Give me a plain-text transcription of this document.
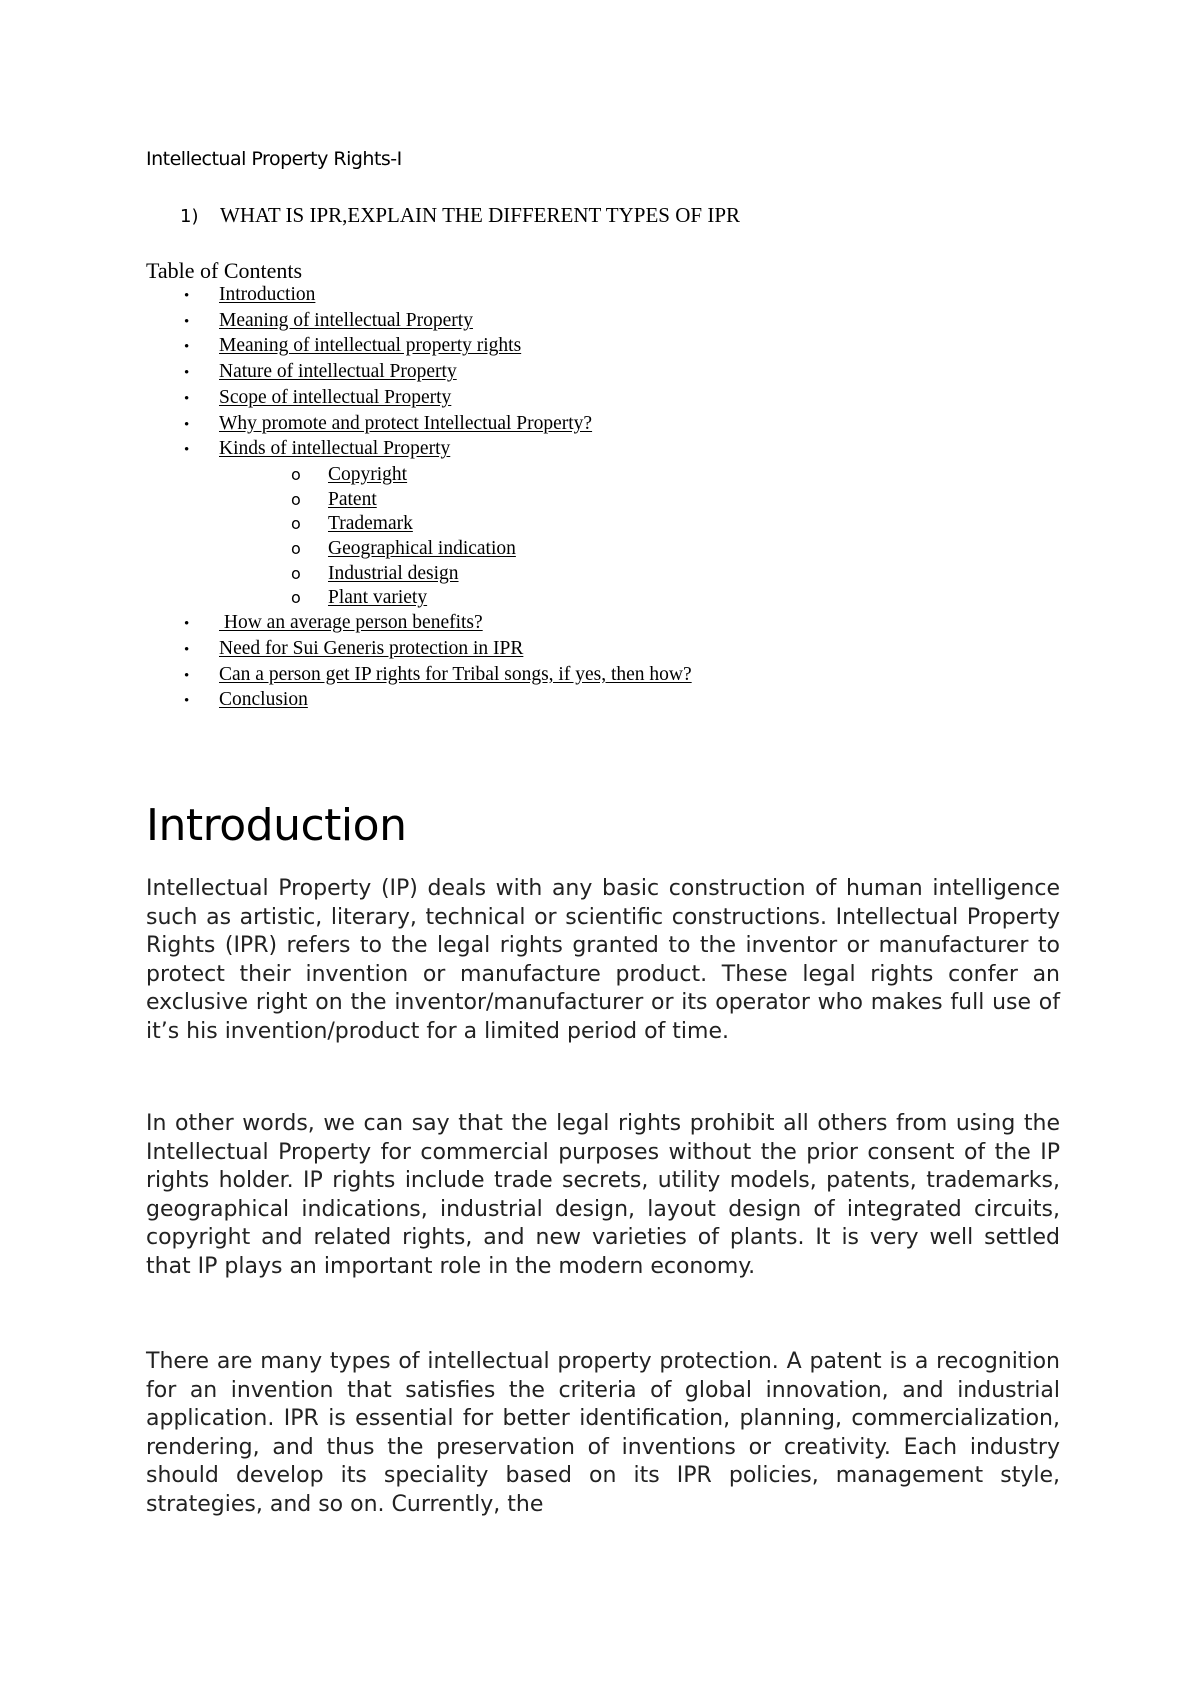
Intellectual Property Rights-I
1) WHAT IS IPR,EXPLAIN THE DIFFERENT TYPES OF IPR
Table of Contents
• Introduction
• Meaning of intellectual Property
• Meaning of intellectual property rights
• Nature of intellectual Property
• Scope of intellectual Property
• Why promote and protect Intellectual Property?
• Kinds of intellectual Property
o Copyright
o Patent
o Trademark
o Geographical indication
o Industrial design
o Plant variety
• How an average person benefits?
• Need for Sui Generis protection in IPR
• Can a person get IP rights for Tribal songs, if yes, then how?
• Conclusion
Introduction

Intellectual Property (IP) deals with any basic construction of human intelligence such as artistic, literary, technical or scientific constructions. Intellectual Property Rights (IPR) refers to the legal rights granted to the inventor or manufacturer to protect their invention or manufacture product. These legal rights confer an exclusive right on the inventor/manufacturer or its operator who makes full use of it’s his invention/product for a limited period of time.

In other words, we can say that the legal rights prohibit all others from using the Intellectual Property for commercial purposes without the prior consent of the IP rights holder. IP rights include trade secrets, utility models, patents, trademarks, geographical indications, industrial design, layout design of integrated circuits, copyright and related rights, and new varieties of plants. It is very well settled that IP plays an important role in the modern economy.

There are many types of intellectual property protection. A patent is a recognition for an invention that satisfies the criteria of global innovation, and industrial application. IPR is essential for better identification, planning, commercialization, rendering, and thus the preservation of inventions or creativity. Each industry should develop its speciality based on its IPR policies, management style, strategies, and so on. Currently, the
